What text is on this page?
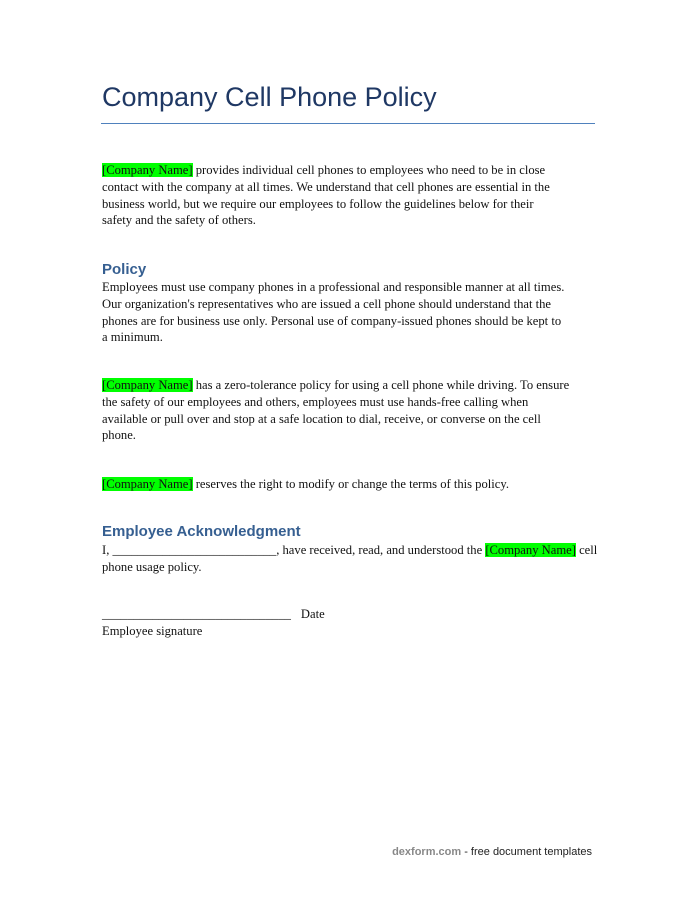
Company Cell Phone Policy
[Company Name] provides individual cell phones to employees who need to be in close
contact with the company at all times. We understand that cell phones are essential in the
business world, but we require our employees to follow the guidelines below for their
safety and the safety of others.
Policy
Employees must use company phones in a professional and responsible manner at all times.
Our organization's representatives who are issued a cell phone should understand that the
phones are for business use only. Personal use of company-issued phones should be kept to
a minimum.
[Company Name] has a zero-tolerance policy for using a cell phone while driving. To ensure
the safety of our employees and others, employees must use hands-free calling when
available or pull over and stop at a safe location to dial, receive, or converse on the cell
phone.
[Company Name] reserves the right to modify or change the terms of this policy.
Employee Acknowledgment
I, __________________________, have received, read, and understood the [Company Name] cell
phone usage policy.
______________________________ Date
Employee signature
dexform.com - free document templates
